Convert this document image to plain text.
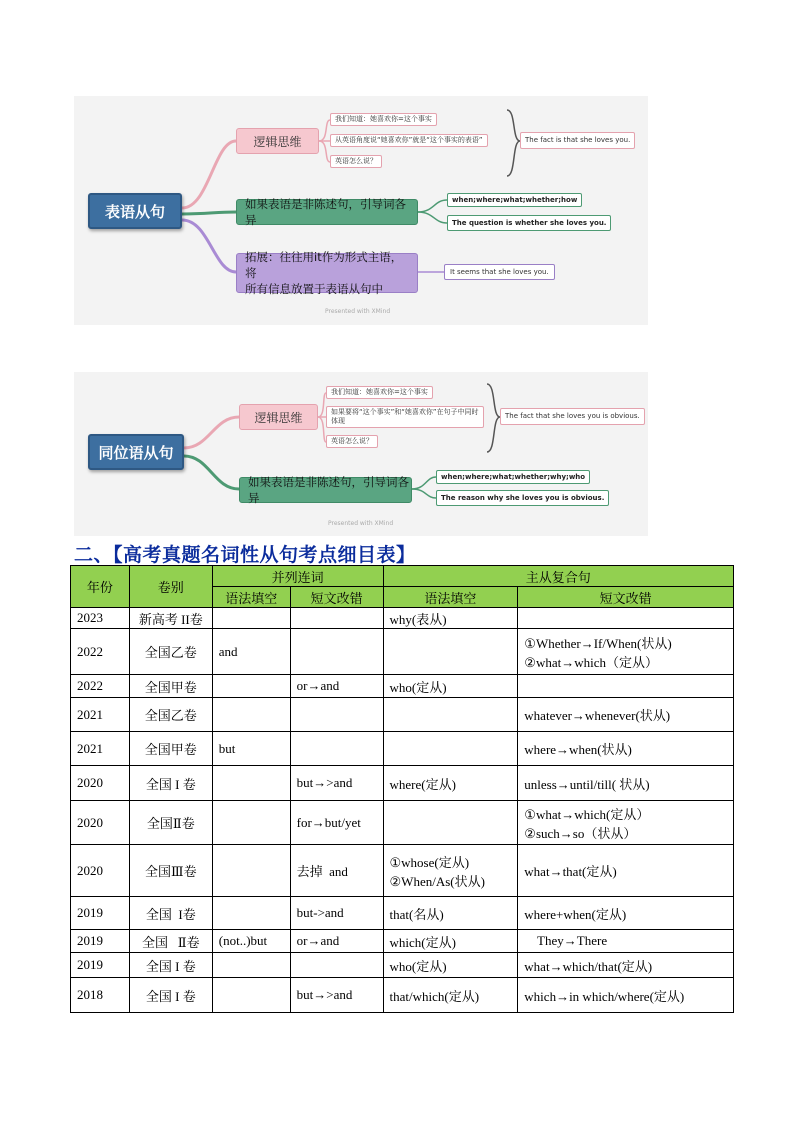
表语从句
逻辑思维
我们知道：她喜欢你=这个事实
从英语角度说“她喜欢你”就是“这个事实的表语”
英语怎么说？
The fact is that she loves you.
如果表语是非陈述句，引导词各异
when;where;what;whether;how
The question is whether she loves you.
拓展：往往用it作为形式主语，将
所有信息放置于表语从句中
It seems that she loves you.
Presented with XMind
同位语从句
逻辑思维
我们知道：她喜欢你=这个事实
如果要将“这个事实”和“她喜欢你”在句子中同时体现
英语怎么说？
The fact that she loves you is obvious.
如果表语是非陈述句，引导词各异
when;where;what;whether;why;who
The reason why she loves you is obvious.
Presented with XMind
二、【高考真题名词性从句考点细目表】
年份	卷别	并列连词		主从复合句	
		语法填空	短文改错	语法填空	短文改错

2023	新高考 II卷			why(表从)	

2022	全国乙卷	and			①Whether→If/When(状从)
②what→which（定从）

2022	全国甲卷		or→and	who(定从)	

2021	全国乙卷				whatever→whenever(状从)

2021	全国甲卷	but			where→when(状从)

2020	全国 I 卷		but→>and	where(定从)	unless→until/till( 状从)

2020	全国Ⅱ卷		for→but/yet		①what→which(定从）
②such→so（状从）

2020	全国Ⅲ卷		去掉  and	①whose(定从)
②When/As(状从)	what→that(定从)

2019	全国  I卷		but->and	that(名从)	where+when(定从)

2019	全国   Ⅱ卷	(not..)but	or→and	which(定从)	They→There

2019	全国 I 卷			who(定从)	what→which/that(定从)

2018	全国 I 卷		but→>and	that/which(定从)	which→in which/where(定从)
